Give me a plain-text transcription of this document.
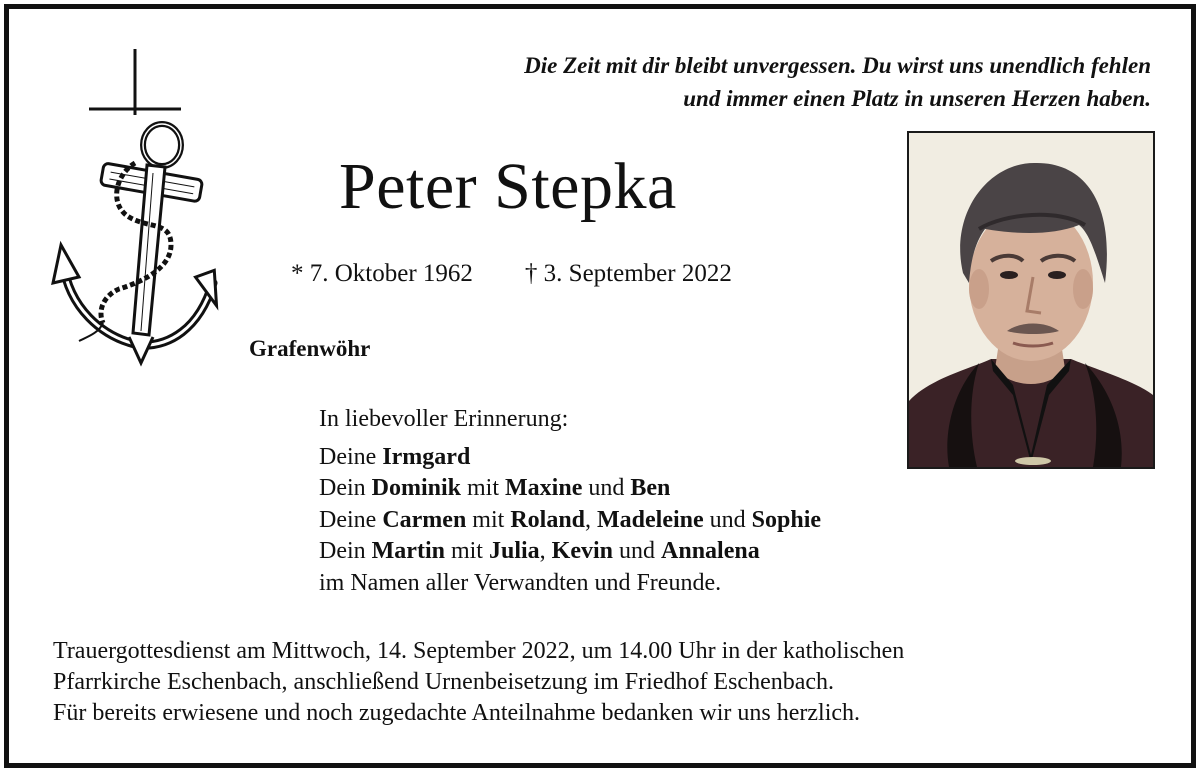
Die Zeit mit dir bleibt unvergessen. Du wirst uns unendlich fehlen
und immer einen Platz in unseren Herzen haben.
Peter Stepka
* 7. Oktober 1962 † 3. September 2022
Grafenwöhr
In liebevoller Erinnerung:
Deine Irmgard
Dein Dominik mit Maxine und Ben
Deine Carmen mit Roland, Madeleine und Sophie
Dein Martin mit Julia, Kevin und Annalena
im Namen aller Verwandten und Freunde.
Trauergottesdienst am Mittwoch, 14. September 2022, um 14.00 Uhr in der katholischen
Pfarrkirche Eschenbach, anschließend Urnenbeisetzung im Friedhof Eschenbach.
Für bereits erwiesene und noch zugedachte Anteilnahme bedanken wir uns herzlich.
